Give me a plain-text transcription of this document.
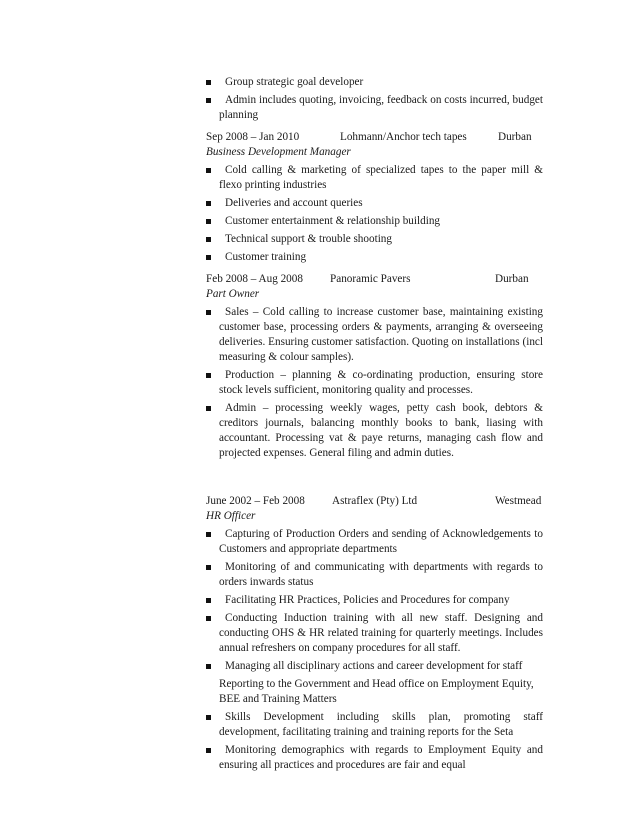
Group strategic goal developer
Admin includes quoting, invoicing, feedback on costs incurred, budget planning
Sep 2008 – Jan 2010	Lohmann/Anchor tech tapes	Durban
Business Development Manager
Cold calling & marketing of specialized tapes to the paper mill & flexo printing industries
Deliveries and account queries
Customer entertainment & relationship building
Technical support & trouble shooting
Customer training
Feb 2008 – Aug 2008 Panoramic Pavers	Durban
Part Owner
Sales – Cold calling to increase customer base, maintaining existing customer base, processing orders & payments, arranging & overseeing deliveries. Ensuring customer satisfaction. Quoting on installations (incl measuring & colour samples).
Production – planning & co-ordinating production, ensuring store stock levels sufficient, monitoring quality and processes.
Admin – processing weekly wages, petty cash book, debtors & creditors journals, balancing monthly books to bank, liasing with accountant. Processing vat & paye returns, managing cash flow and projected expenses. General filing and admin duties.
June 2002 – Feb 2008 Astraflex (Pty) Ltd	Westmead
HR Officer
Capturing of Production Orders and sending of Acknowledgements to Customers and appropriate departments
Monitoring of and communicating with departments with regards to orders inwards status
Facilitating HR Practices, Policies and Procedures for company
Conducting Induction training with all new staff. Designing and conducting OHS & HR related training for quarterly meetings. Includes annual refreshers on company procedures for all staff.
Managing all disciplinary actions and career development for staff
Reporting to the Government and Head office on Employment Equity, BEE and Training Matters
Skills Development including skills plan, promoting staff development, facilitating training and training reports for the Seta
Monitoring demographics with regards to Employment Equity and ensuring all practices and procedures are fair and equal
